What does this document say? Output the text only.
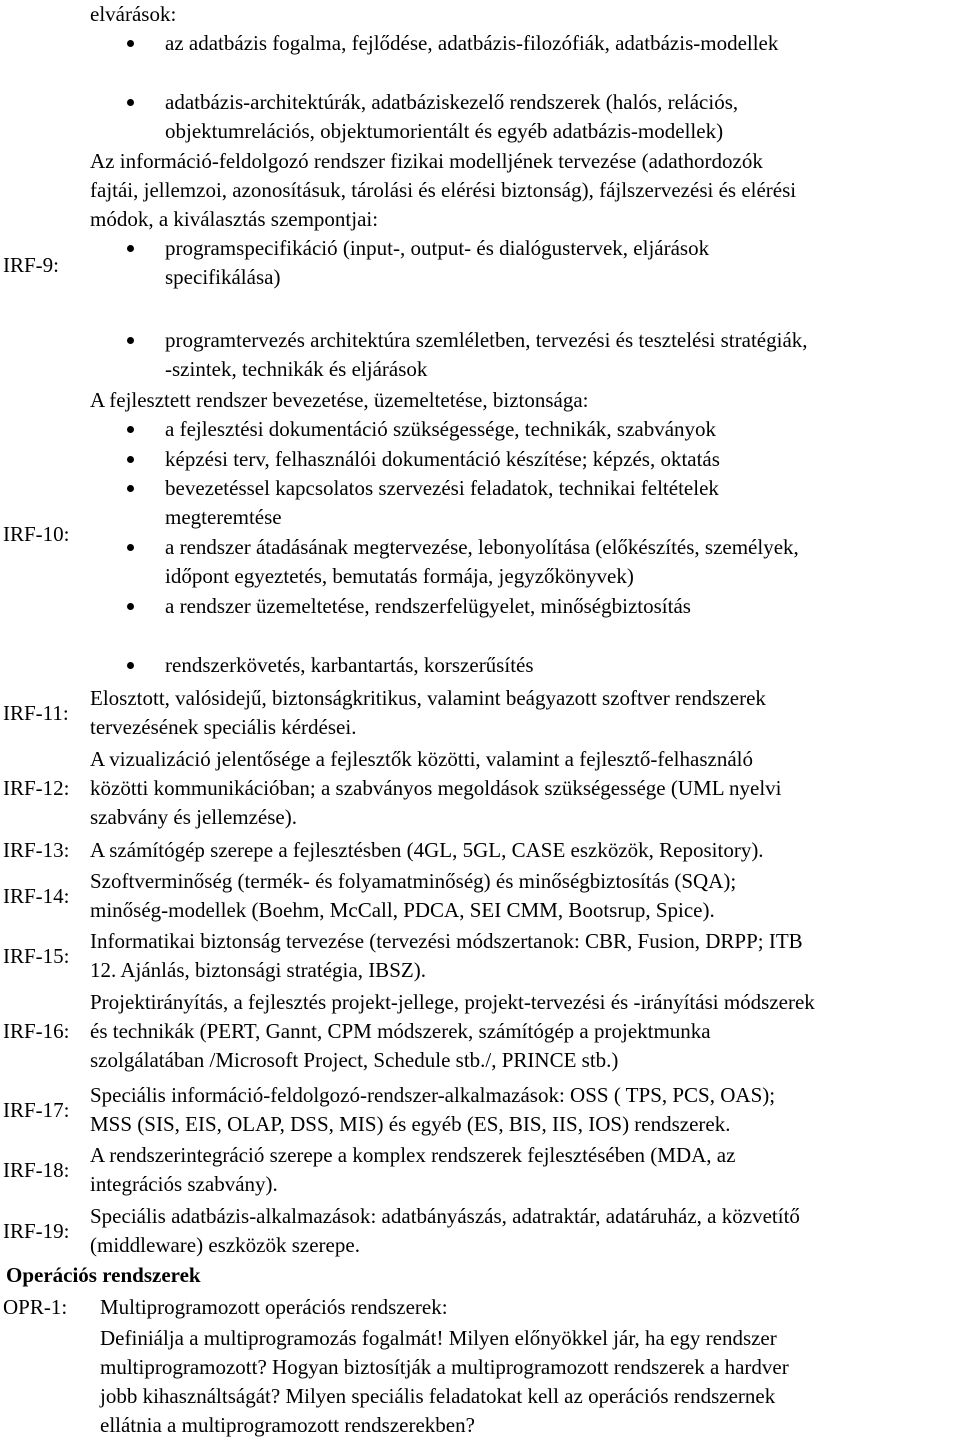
elvárások:
az adatbázis fogalma, fejlődése, adatbázis-filozófiák, adatbázis-modellek
adatbázis-architektúrák, adatbáziskezelő rendszerek (halós, relációs,
objektumrelációs, objektumorientált és egyéb adatbázis-modellek)
IRF-9:
Az információ-feldolgozó rendszer fizikai modelljének tervezése (adathordozók
fajtái, jellemzoi, azonosításuk, tárolási és elérési biztonság), fájlszervezési és elérési
módok, a kiválasztás szempontjai:
programspecifikáció (input-, output- és dialógustervek, eljárások
specifikálása)
programtervezés architektúra szemléletben, tervezési és tesztelési stratégiák,
-szintek, technikák és eljárások
IRF-10:
A fejlesztett rendszer bevezetése, üzemeltetése, biztonsága:
a fejlesztési dokumentáció szükségessége, technikák, szabványok
képzési terv, felhasználói dokumentáció készítése; képzés, oktatás
bevezetéssel kapcsolatos szervezési feladatok, technikai feltételek
megteremtése
a rendszer átadásának megtervezése, lebonyolítása (előkészítés, személyek,
időpont egyeztetés, bemutatás formája, jegyzőkönyvek)
a rendszer üzemeltetése, rendszerfelügyelet, minőségbiztosítás
rendszerkövetés, karbantartás, korszerűsítés
IRF-11:
Elosztott, valósidejű, biztonságkritikus, valamint beágyazott szoftver rendszerek
tervezésének speciális kérdései.
IRF-12:
A vizualizáció jelentősége a fejlesztők közötti, valamint a fejlesztő-felhasználó
közötti kommunikációban; a szabványos megoldások szükségessége (UML nyelvi
szabvány és jellemzése).
IRF-13: A számítógép szerepe a fejlesztésben (4GL, 5GL, CASE eszközök, Repository).
IRF-14:
Szoftverminőség (termék- és folyamatminőség) és minőségbiztosítás (SQA);
minőség-modellek (Boehm, McCall, PDCA, SEI CMM, Bootsrup, Spice).
IRF-15:
Informatikai biztonság tervezése (tervezési módszertanok: CBR, Fusion, DRPP; ITB
12. Ajánlás, biztonsági stratégia, IBSZ).
IRF-16:
Projektirányítás, a fejlesztés projekt-jellege, projekt-tervezési és -irányítási módszerek
és technikák (PERT, Gannt, CPM módszerek, számítógép a projektmunka
szolgálatában /Microsoft Project, Schedule stb./, PRINCE stb.)
IRF-17:
Speciális információ-feldolgozó-rendszer-alkalmazások: OSS ( TPS, PCS, OAS);
MSS (SIS, EIS, OLAP, DSS, MIS) és egyéb (ES, BIS, IIS, IOS) rendszerek.
IRF-18:
A rendszerintegráció szerepe a komplex rendszerek fejlesztésében (MDA, az
integrációs szabvány).
IRF-19:
Speciális adatbázis-alkalmazások: adatbányászás, adatraktár, adatáruház, a közvetítő
(middleware) eszközök szerepe.
Operációs rendszerek
OPR-1: Multiprogramozott operációs rendszerek:
Definiálja a multiprogramozás fogalmát! Milyen előnyökkel jár, ha egy rendszer
multiprogramozott? Hogyan biztosítják a multiprogramozott rendszerek a hardver
jobb kihasználtságát? Milyen speciális feladatokat kell az operációs rendszernek
ellátnia a multiprogramozott rendszerekben?
